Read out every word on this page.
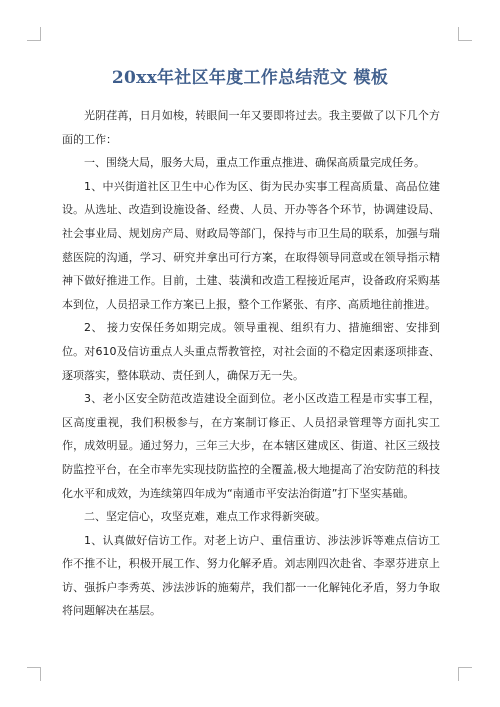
20xx年社区年度工作总结范文 模板

光阴荏苒，日月如梭，转眼间一年又要即将过去。我主要做了以下几个方面的工作：

一、围绕大局，服务大局，重点工作重点推进、确保高质量完成任务。

1、中兴街道社区卫生中心作为区、街为民办实事工程高质量、高品位建设。从选址、改造到设施设备、经费、人员、开办等各个环节，协调建设局、社会事业局、规划房产局、财政局等部门，保持与市卫生局的联系，加强与瑞慈医院的沟通，学习、研究并拿出可行方案，在取得领导同意或在领导指示精神下做好推进工作。目前，土建、装潢和改造工程接近尾声，设备政府采购基本到位，人员招录工作方案已上报，整个工作紧张、有序、高质地往前推进。

2、 接力安保任务如期完成。领导重视、组织有力、措施细密、安排到位。对610及信访重点人头重点帮教管控，对社会面的不稳定因素逐项排查、逐项落实，整体联动、责任到人，确保万无一失。

3、老小区安全防范改造建设全面到位。老小区改造工程是市实事工程，区高度重视，我们积极参与，在方案制订修正、人员招录管理等方面扎实工作，成效明显。通过努力，三年三大步，在本辖区建成区、街道、社区三级技防监控平台，在全市率先实现技防监控的全覆盖,极大地提高了治安防范的科技化水平和成效，为连续第四年成为“南通市平安法治街道”打下坚实基础。

二、坚定信心，攻坚克难，难点工作求得新突破。

1、认真做好信访工作。对老上访户、重信重访、涉法涉诉等难点信访工作不推不让，积极开展工作、努力化解矛盾。刘志刚四次赴省、李翠芬进京上访、强拆户李秀英、涉法涉诉的施菊芹，我们都一一化解钝化矛盾，努力争取将问题解决在基层。
